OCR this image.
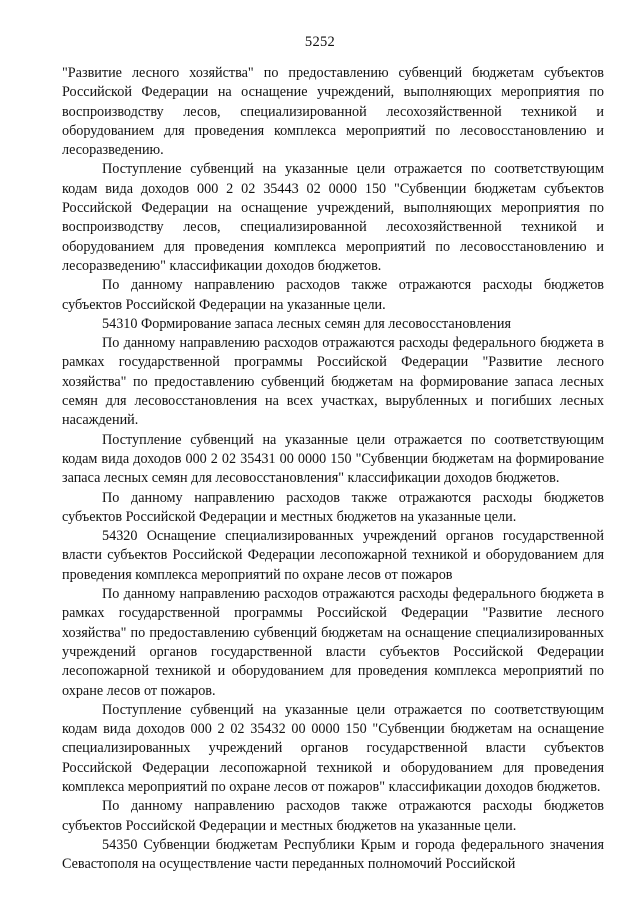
5252

"Развитие лесного хозяйства" по предоставлению субвенций бюджетам субъектов Российской Федерации на оснащение учреждений, выполняющих мероприятия по воспроизводству лесов, специализированной лесохозяйственной техникой и оборудованием для проведения комплекса мероприятий по лесовосстановлению и лесоразведению.

Поступление субвенций на указанные цели отражается по соответствующим кодам вида доходов 000 2 02 35443 02 0000 150 "Субвенции бюджетам субъектов Российской Федерации на оснащение учреждений, выполняющих мероприятия по воспроизводству лесов, специализированной лесохозяйственной техникой и оборудованием для проведения комплекса мероприятий по лесовосстановлению и лесоразведению" классификации доходов бюджетов.

По данному направлению расходов также отражаются расходы бюджетов субъектов Российской Федерации на указанные цели.

54310 Формирование запаса лесных семян для лесовосстановления

По данному направлению расходов отражаются расходы федерального бюджета в рамках государственной программы Российской Федерации "Развитие лесного хозяйства" по предоставлению субвенций бюджетам на формирование запаса лесных семян для лесовосстановления на всех участках, вырубленных и погибших лесных насаждений.

Поступление субвенций на указанные цели отражается по соответствующим кодам вида доходов 000 2 02 35431 00 0000 150 "Субвенции бюджетам на формирование запаса лесных семян для лесовосстановления" классификации доходов бюджетов.

По данному направлению расходов также отражаются расходы бюджетов субъектов Российской Федерации и местных бюджетов на указанные цели.

54320 Оснащение специализированных учреждений органов государственной власти субъектов Российской Федерации лесопожарной техникой и оборудованием для проведения комплекса мероприятий по охране лесов от пожаров

По данному направлению расходов отражаются расходы федерального бюджета в рамках государственной программы Российской Федерации "Развитие лесного хозяйства" по предоставлению субвенций бюджетам на оснащение специализированных учреждений органов государственной власти субъектов Российской Федерации лесопожарной техникой и оборудованием для проведения комплекса мероприятий по охране лесов от пожаров.

Поступление субвенций на указанные цели отражается по соответствующим кодам вида доходов 000 2 02 35432 00 0000 150 "Субвенции бюджетам на оснащение специализированных учреждений органов государственной власти субъектов Российской Федерации лесопожарной техникой и оборудованием для проведения комплекса мероприятий по охране лесов от пожаров" классификации доходов бюджетов.

По данному направлению расходов также отражаются расходы бюджетов субъектов Российской Федерации и местных бюджетов на указанные цели.

54350 Субвенции бюджетам Республики Крым и города федерального значения Севастополя на осуществление части переданных полномочий Российской
